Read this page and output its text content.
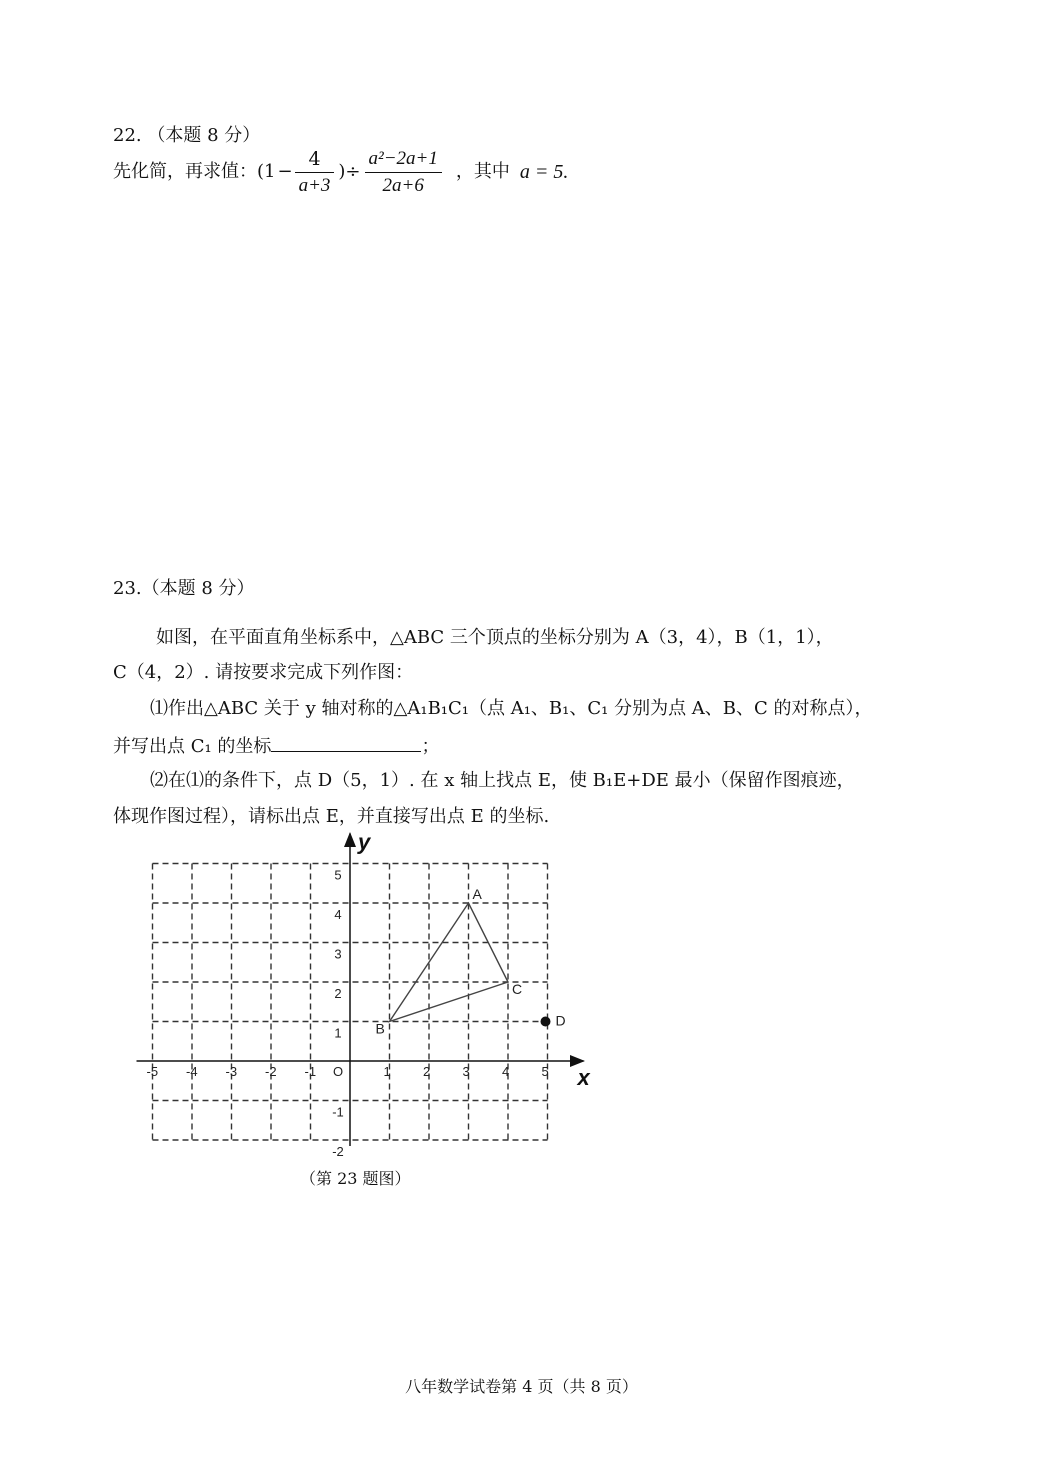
22. （本题 8 分）
先化简，再求值：($1 - \frac{4}{a+3}$ )÷ $\frac{\text{a²−2a+1}}{2a+6}$ ，其中 a = 5.
23.（本题 8 分）
如图，在平面直角坐标系中，△ABC 三个顶点的坐标分别为 A（3，4），B（1，1），
C（4，2）. 请按要求完成下列作图：
⑴作出△ABC 关于 y 轴对称的△A₁B₁C₁（点 A₁、B₁、C₁ 分别为点 A、B、C 的对称点），
并写出点 C₁ 的坐标	；
⑵在⑴的条件下，点 D（5，1）. 在 x 轴上找点 E，使 B₁E+DE 最小（保留作图痕迹，
体现作图过程），请标出点 E，并直接写出点 E 的坐标.
x
y
-5 -4 -3 -2 -1	1 2 3 4 5
5
4
3
2
1
-1
-2
O
A
B
C
D
（第 23 题图）
八年数学试卷第 4 页（共 8 页）
